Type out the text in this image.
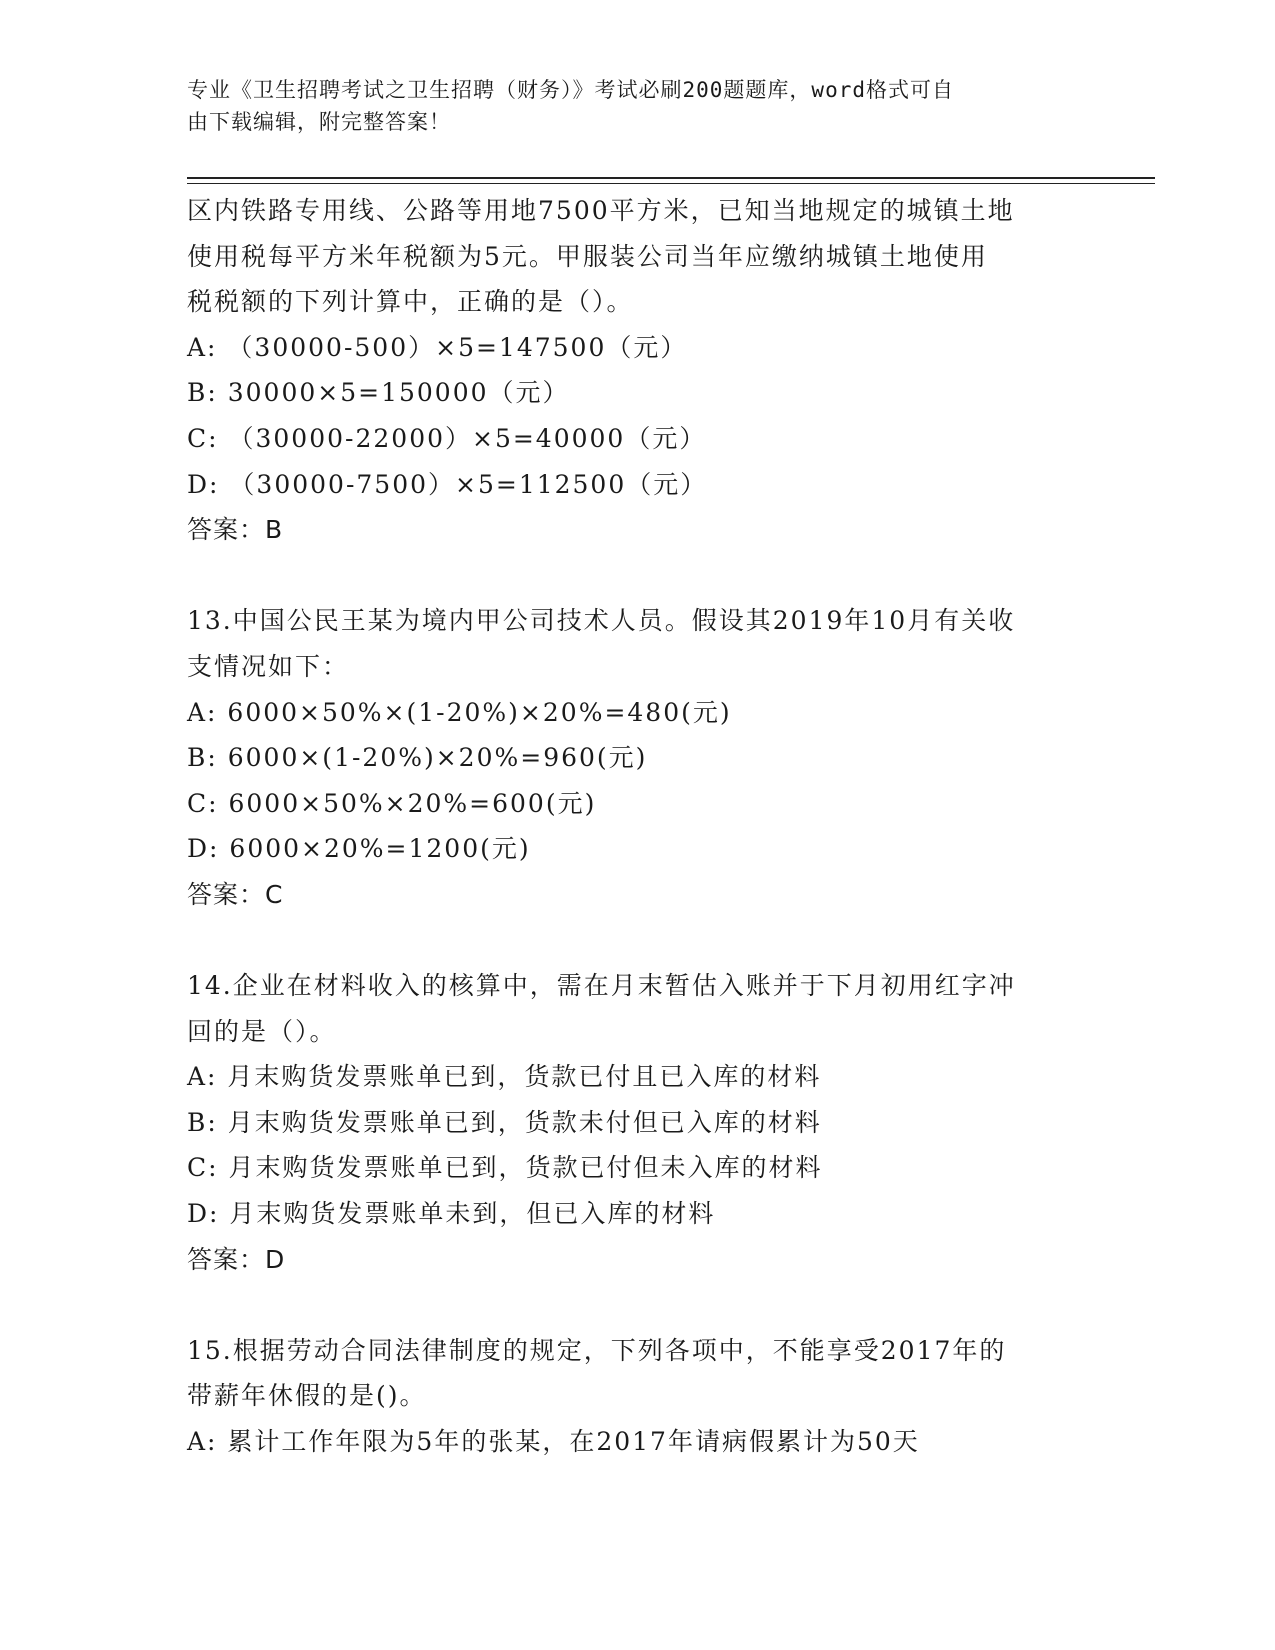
专业《卫生招聘考试之卫生招聘（财务）》考试必刷200题题库，word格式可自
由下载编辑，附完整答案！
区内铁路专用线、公路等用地7500平方米，已知当地规定的城镇土地
使用税每平方米年税额为5元。甲服装公司当年应缴纳城镇土地使用
税税额的下列计算中，正确的是（）。
A: （30000-500）×5=147500（元）
B: 30000×5=150000（元）
C: （30000-22000）×5=40000（元）
D: （30000-7500）×5=112500（元）
答案：B
13.中国公民王某为境内甲公司技术人员。假设其2019年10月有关收
支情况如下：
A: 6000×50%×(1-20%)×20%=480(元)
B: 6000×(1-20%)×20%=960(元)
C: 6000×50%×20%=600(元)
D: 6000×20%=1200(元)
答案：C
14.企业在材料收入的核算中，需在月末暂估入账并于下月初用红字冲
回的是（）。
A: 月末购货发票账单已到，货款已付且已入库的材料
B: 月末购货发票账单已到，货款未付但已入库的材料
C: 月末购货发票账单已到，货款已付但未入库的材料
D: 月末购货发票账单未到，但已入库的材料
答案：D
15.根据劳动合同法律制度的规定，下列各项中，不能享受2017年的
带薪年休假的是()。
A: 累计工作年限为5年的张某，在2017年请病假累计为50天
